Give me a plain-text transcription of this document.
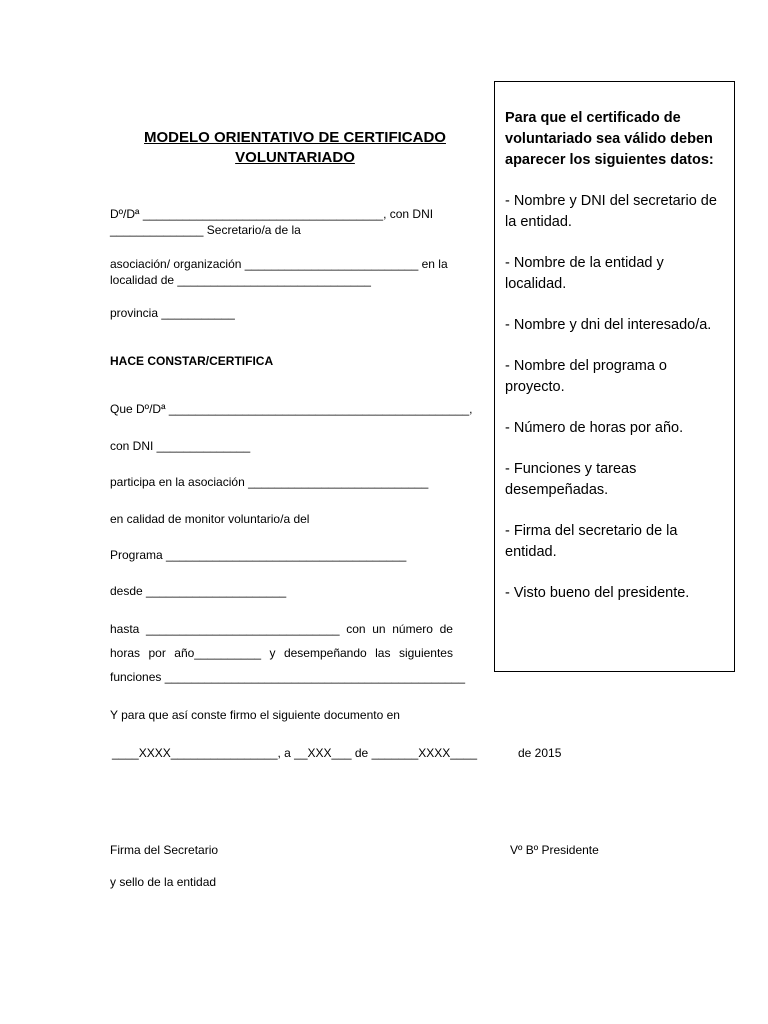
MODELO ORIENTATIVO DE CERTIFICADO
VOLUNTARIADO
Dº/Dª ____________________________________, con DNI
______________ Secretario/a de la
asociación/ organización __________________________ en la
localidad de _____________________________
provincia ___________
HACE CONSTAR/CERTIFICA
Que Dº/Dª _____________________________________________,
con DNI ______________
participa en la asociación ___________________________
en calidad de monitor voluntario/a del
Programa ____________________________________
desde _____________________
hasta _____________________________ con un número de
horas por año__________ y desempeñando las siguientes
funciones _____________________________________________
Y para que así conste firmo el siguiente documento en
____XXXX________________, a __XXX___ de _______XXXX____	de 2015
Firma del Secretario
y sello de la entidad
Vº Bº Presidente
Para que el certificado de voluntariado sea válido deben aparecer los siguientes datos:
- Nombre y DNI del secretario de la entidad.
- Nombre de la entidad y localidad.
- Nombre y dni del interesado/a.
- Nombre del programa o proyecto.
- Número de horas por año.
- Funciones y tareas desempeñadas.
- Firma del secretario de la entidad.
- Visto bueno del presidente.
